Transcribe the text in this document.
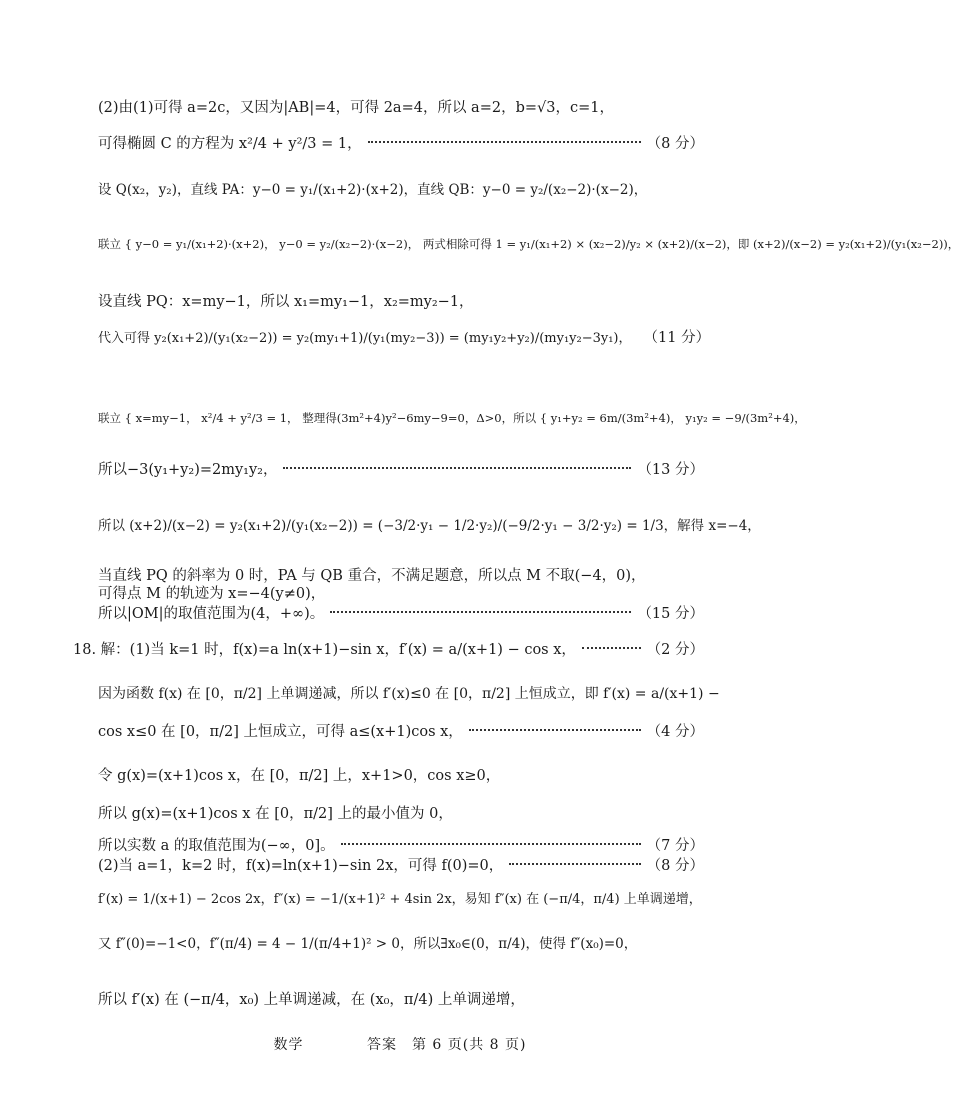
(2)由(1)可得 a=2c，又因为|AB|=4，可得 2a=4，所以 a=2，b=√3，c=1，
可得椭圆 C 的方程为 x²/4 + y²/3 = 1，	（8 分）
设 Q(x₂，y₂)，直线 PA：y−0 = y₁/(x₁+2)·(x+2)，直线 QB：y−0 = y₂/(x₂−2)·(x−2)，
联立 { y−0 = y₁/(x₁+2)·(x+2)， y−0 = y₂/(x₂−2)·(x−2)， 两式相除可得 1 = y₁/(x₁+2) × (x₂−2)/y₂ × (x+2)/(x−2)，即 (x+2)/(x−2) = y₂(x₁+2)/(y₁(x₂−2))，
设直线 PQ：x=my−1，所以 x₁=my₁−1，x₂=my₂−1，
代入可得 y₂(x₁+2)/(y₁(x₂−2)) = y₂(my₁+1)/(y₁(my₂−3)) = (my₁y₂+y₂)/(my₁y₂−3y₁)， （11 分）
联立 { x=my−1， x²/4 + y²/3 = 1， 整理得(3m²+4)y²−6my−9=0，Δ>0，所以 { y₁+y₂ = 6m/(3m²+4)， y₁y₂ = −9/(3m²+4)，
所以−3(y₁+y₂)=2my₁y₂，	（13 分）
所以 (x+2)/(x−2) = y₂(x₁+2)/(y₁(x₂−2)) = (−3/2·y₁ − 1/2·y₂)/(−9/2·y₁ − 3/2·y₂) = 1/3，解得 x=−4，
当直线 PQ 的斜率为 0 时，PA 与 QB 重合，不满足题意，所以点 M 不取(−4，0)，
可得点 M 的轨迹为 x=−4(y≠0)，
所以|OM|的取值范围为(4，+∞)。	（15 分）
18. 解：(1)当 k=1 时，f(x)=a ln(x+1)−sin x，f′(x) = a/(x+1) − cos x，	（2 分）
因为函数 f(x) 在 [0，π/2] 上单调递减，所以 f′(x)≤0 在 [0，π/2] 上恒成立，即 f′(x) = a/(x+1) −
cos x≤0 在 [0，π/2] 上恒成立，可得 a≤(x+1)cos x，	（4 分）
令 g(x)=(x+1)cos x，在 [0，π/2] 上，x+1>0，cos x≥0，
所以 g(x)=(x+1)cos x 在 [0，π/2] 上的最小值为 0，
所以实数 a 的取值范围为(−∞，0]。	（7 分）
(2)当 a=1，k=2 时，f(x)=ln(x+1)−sin 2x，可得 f(0)=0，	（8 分）
f′(x) = 1/(x+1) − 2cos 2x，f″(x) = −1/(x+1)² + 4sin 2x，易知 f″(x) 在 (−π/4，π/4) 上单调递增，
又 f″(0)=−1<0，f″(π/4) = 4 − 1/(π/4+1)² > 0，所以∃x₀∈(0，π/4)，使得 f″(x₀)=0，
所以 f′(x) 在 (−π/4，x₀) 上单调递减，在 (x₀，π/4) 上单调递增，
数学	答案　第 6 页(共 8 页)
